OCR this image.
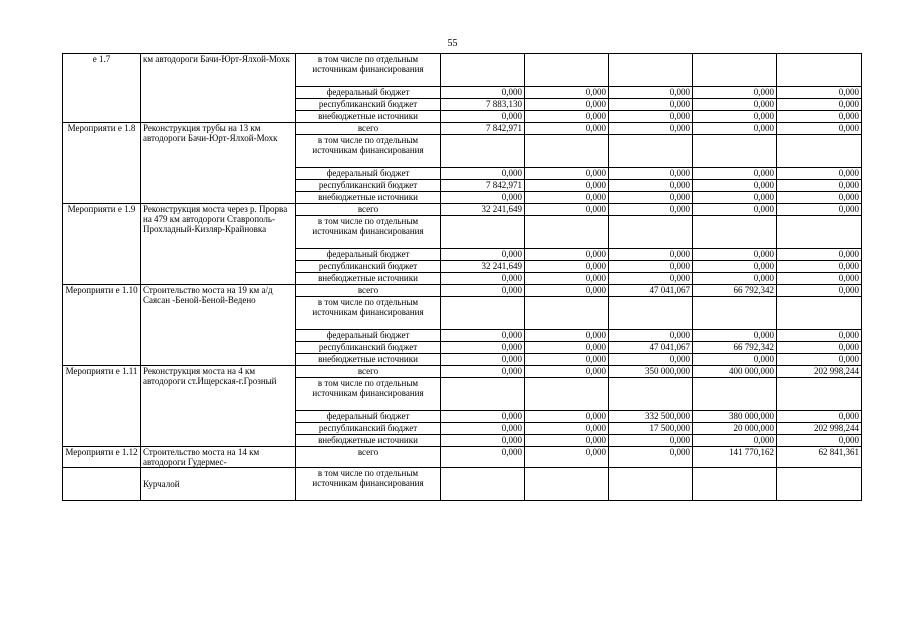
55
е 1.7	км автодороги Бачи-Юрт-Ялхой-Мохк	в том числе по отдельным источникам финансирования					
		федеральный бюджет	0,000	0,000	0,000	0,000	0,000
		республиканский бюджет	7 883,130	0,000	0,000	0,000	0,000
		внебюджетные источники	0,000	0,000	0,000	0,000	0,000
Мероприяти е 1.8	Реконструкция трубы на 13 км автодороги Бачи-Юрт-Ялхой-Мохк	всего	7 842,971	0,000	0,000	0,000	0,000
		в том числе по отдельным источникам финансирования					
		федеральный бюджет	0,000	0,000	0,000	0,000	0,000
		республиканский бюджет	7 842,971	0,000	0,000	0,000	0,000
		внебюджетные источники	0,000	0,000	0,000	0,000	0,000
Мероприяти е 1.9	Реконструкция моста через р. Прорва на 479 км автодороги Ставрополь-Прохладный-Кизляр-Крайновка	всего	32 241,649	0,000	0,000	0,000	0,000
		в том числе по отдельным источникам финансирования					
		федеральный бюджет	0,000	0,000	0,000	0,000	0,000
		республиканский бюджет	32 241,649	0,000	0,000	0,000	0,000
		внебюджетные источники	0,000	0,000	0,000	0,000	0,000
Мероприяти е 1.10	Строительство моста на 19 км а/д Саясан -Беной-Беной-Ведено	всего	0,000	0,000	47 041,067	66 792,342	0,000
		в том числе по отдельным источникам финансирования					
		федеральный бюджет	0,000	0,000	0,000	0,000	0,000
		республиканский бюджет	0,000	0,000	47 041,067	66 792,342	0,000
		внебюджетные источники	0,000	0,000	0,000	0,000	0,000
Мероприяти е 1.11	Реконструкция моста на 4 км автодороги ст.Ищерская-г.Грозный	всего	0,000	0,000	350 000,000	400 000,000	202 998,244
		в том числе по отдельным источникам финансирования					
		федеральный бюджет	0,000	0,000	332 500,000	380 000,000	0,000
		республиканский бюджет	0,000	0,000	17 500,000	20 000,000	202 998,244
		внебюджетные источники	0,000	0,000	0,000	0,000	0,000
Мероприяти е 1.12	Строительство моста на 14 км автодороги Гудермес-	всего	0,000	0,000	0,000	141 770,162	62 841,361
	Курчалой	в том числе по отдельным источникам финансирования					
